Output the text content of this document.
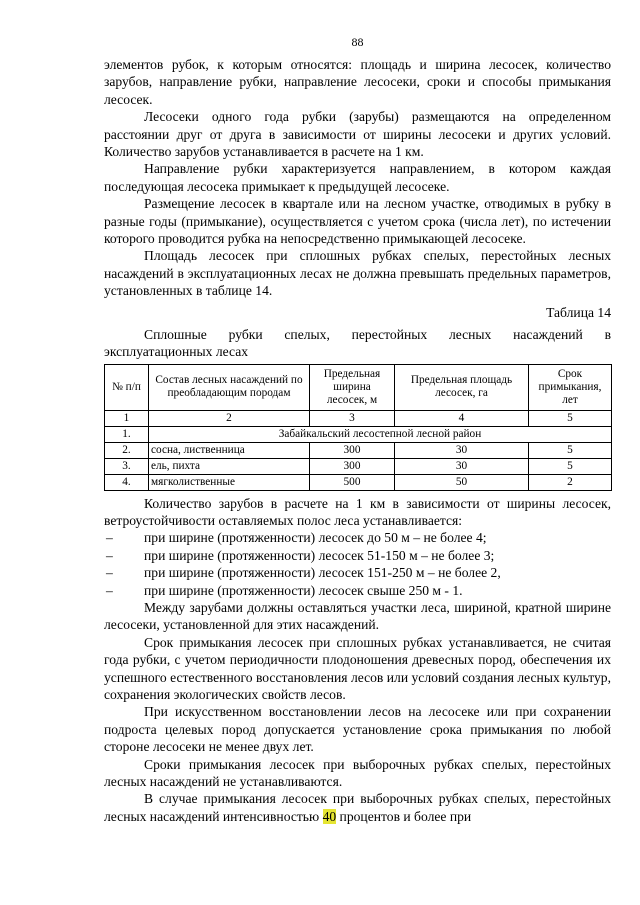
88

элементов рубок, к которым относятся: площадь и ширина лесосек, количество зарубов, направление рубки, направление лесосеки, сроки и способы примыкания лесосек.

Лесосеки одного года рубки (зарубы) размещаются на определенном расстоянии друг от друга в зависимости от ширины лесосеки и других условий. Количество зарубов устанавливается в расчете на 1 км.

Направление рубки характеризуется направлением, в котором каждая последующая лесосека примыкает к предыдущей лесосеке.

Размещение лесосек в квартале или на лесном участке, отводимых в рубку в разные годы (примыкание), осуществляется с учетом срока (числа лет), по истечении которого проводится рубка на непосредственно примыкающей лесосеке.

Площадь лесосек при сплошных рубках спелых, перестойных лесных насаждений в эксплуатационных лесах не должна превышать предельных параметров, установленных в таблице 14.

Таблица 14
Сплошные рубки спелых, перестойных лесных насаждений в эксплуатационных лесах
№ п/п	Состав лесных насаждений по преобладающим породам	Предельная ширина лесосек, м	Предельная площадь лесосек, га	Срок примыкания, лет
1	2	3	4	5
1.	Забайкальский лесостепной лесной район			
2.	сосна, лиственница	300	30	5
3.	ель, пихта	300	30	5
4.	мягколиственные	500	50	2

Количество зарубов в расчете на 1 км в зависимости от ширины лесосек, ветроустойчивости оставляемых полос леса устанавливается:

–	при ширине (протяженности) лесосек до 50 м – не более 4;
–	при ширине (протяженности) лесосек 51-150 м – не более 3;
–	при ширине (протяженности) лесосек 151-250 м – не более 2,
–	при ширине (протяженности) лесосек свыше 250 м - 1.

Между зарубами должны оставляться участки леса, шириной, кратной ширине лесосеки, установленной для этих насаждений.

Срок примыкания лесосек при сплошных рубках устанавливается, не считая года рубки, с учетом периодичности плодоношения древесных пород, обеспечения их успешного естественного восстановления лесов или условий создания лесных культур, сохранения экологических свойств лесов.

При искусственном восстановлении лесов на лесосеке или при сохранении подроста целевых пород допускается установление срока примыкания по любой стороне лесосеки не менее двух лет.

Сроки примыкания лесосек при выборочных рубках спелых, перестойных лесных насаждений не устанавливаются.

В случае примыкания лесосек при выборочных рубках спелых, перестойных лесных насаждений интенсивностью 40 процентов и более при
